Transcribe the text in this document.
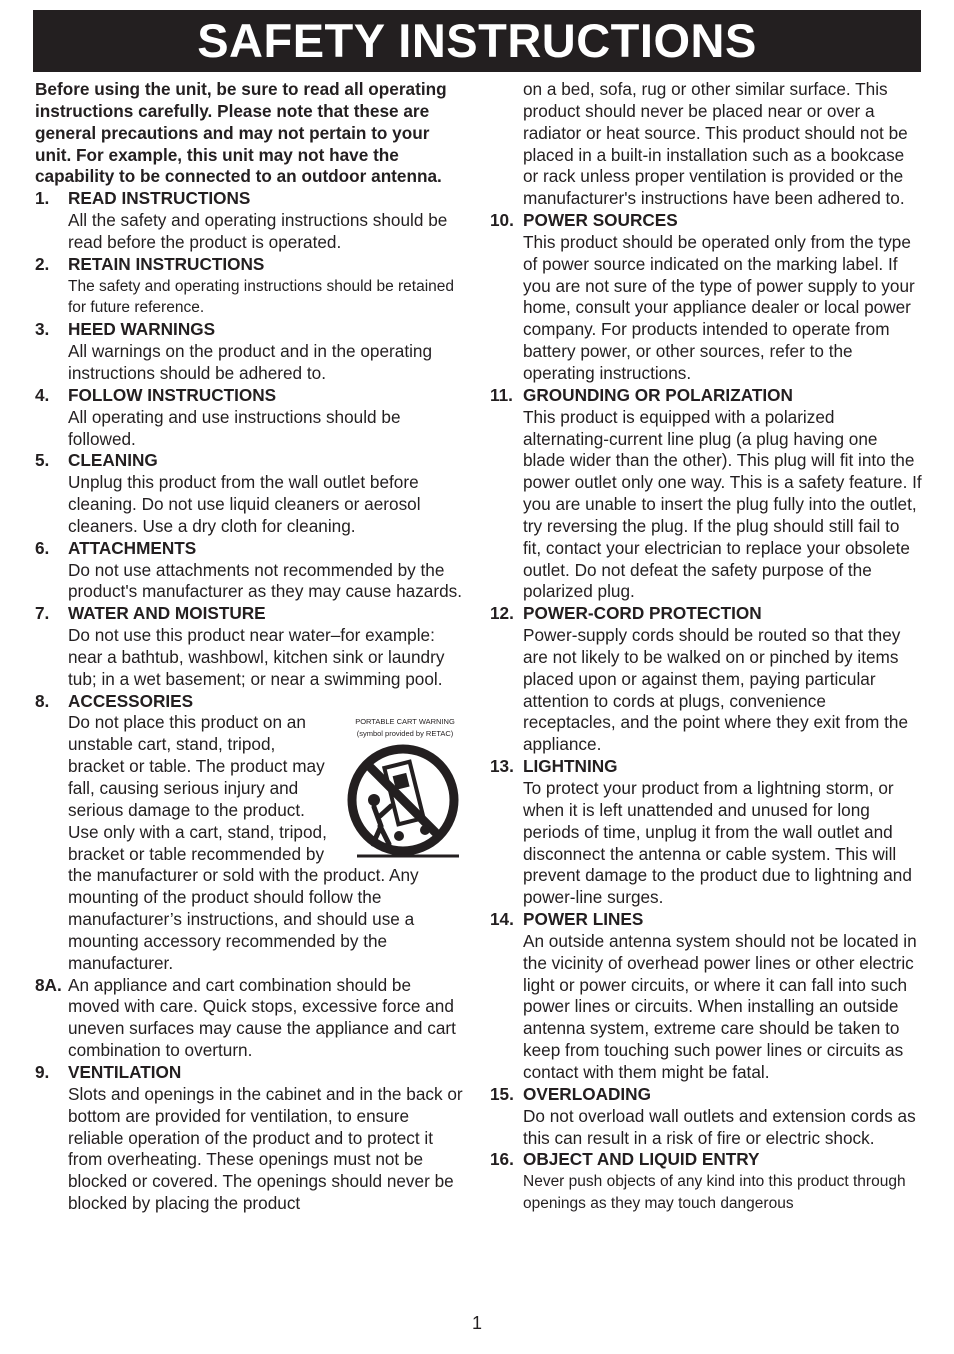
SAFETY INSTRUCTIONS
Before using the unit, be sure to read all operating instructions carefully. Please note that these are general precautions and may not pertain to your unit. For example, this unit may not have the capability to be connected to an outdoor antenna.
1. READ INSTRUCTIONS
All the safety and operating instructions should be read before the product is operated.
2. RETAIN INSTRUCTIONS
The safety and operating instructions should be retained for future reference.
3. HEED WARNINGS
All warnings on the product and in the operating instructions should be adhered to.
4. FOLLOW INSTRUCTIONS
All operating and use instructions should be followed.
5. CLEANING
Unplug this product from the wall outlet before cleaning. Do not use liquid cleaners or aerosol cleaners. Use a dry cloth for cleaning.
6. ATTACHMENTS
Do not use attachments not recommended by the product's manufacturer as they may cause hazards.
7. WATER AND MOISTURE
Do not use this product near water–for example: near a bathtub, washbowl, kitchen sink or laundry tub; in a wet basement; or near a swimming pool.
8. ACCESSORIES
PORTABLE CART WARNING
(symbol provided by RETAC)
Do not place this product on an unstable cart, stand, tripod, bracket or table. The product may fall, causing serious injury and serious damage to the product. Use only with a cart, stand, tripod, bracket or table recommended by the manufacturer or sold with the product. Any mounting of the product should follow the manufacturer’s instructions, and should use a mounting accessory recommended by the manufacturer.
8A. An appliance and cart combination should be moved with care. Quick stops, excessive force and uneven surfaces may cause the appliance and cart combination to overturn.
9. VENTILATION
Slots and openings in the cabinet and in the back or bottom are provided for ventilation, to ensure reliable operation of the product and to protect it from overheating. These openings must not be blocked or covered. The openings should never be blocked by placing the product
on a bed, sofa, rug or other similar surface. This product should never be placed near or over a radiator or heat source. This product should not be placed in a built-in installation such as a bookcase or rack unless proper ventilation is provided or the manufacturer's instructions have been adhered to.
10. POWER SOURCES
This product should be operated only from the type of power source indicated on the marking label. If you are not sure of the type of power supply to your home, consult your appliance dealer or local power company. For products intended to operate from battery power, or other sources, refer to the operating instructions.
11. GROUNDING OR POLARIZATION
This product is equipped with a polarized alternating-current line plug (a plug having one blade wider than the other). This plug will fit into the power outlet only one way. This is a safety feature. If you are unable to insert the plug fully into the outlet, try reversing the plug. If the plug should still fail to fit, contact your electrician to replace your obsolete outlet. Do not defeat the safety purpose of the polarized plug.
12. POWER-CORD PROTECTION
Power-supply cords should be routed so that they are not likely to be walked on or pinched by items placed upon or against them, paying particular attention to cords at plugs, convenience receptacles, and the point where they exit from the appliance.
13. LIGHTNING
To protect your product from a lightning storm, or when it is left unattended and unused for long periods of time, unplug it from the wall outlet and disconnect the antenna or cable system. This will prevent damage to the product due to lightning and power-line surges.
14. POWER LINES
An outside antenna system should not be located in the vicinity of overhead power lines or other electric light or power circuits, or where it can fall into such power lines or circuits. When installing an outside antenna system, extreme care should be taken to keep from touching such power lines or circuits as contact with them might be fatal.
15. OVERLOADING
Do not overload wall outlets and extension cords as this can result in a risk of fire or electric shock.
16. OBJECT AND LIQUID ENTRY
Never push objects of any kind into this product through openings as they may touch dangerous
1
